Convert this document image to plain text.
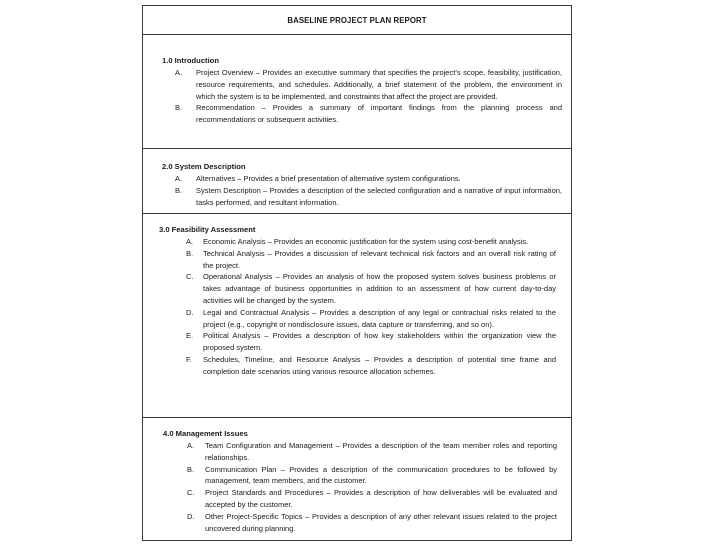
BASELINE PROJECT PLAN REPORT
1.0 Introduction
A. Project Overview – Provides an executive summary that specifies the project’s scope, feasibility, justification, resource requirements, and schedules. Additionally, a brief statement of the problem, the environment in which the system is to be implemented, and constraints that affect the project are provided.
B. Recommendation – Provides a summary of important findings from the planning process and recommendations or subsequent activities.
2.0 System Description
A. Alternatives – Provides a brief presentation of alternative system configurations.
B. System Description – Provides a description of the selected configuration and a narrative of input information, tasks performed, and resultant information.
3.0 Feasibility Assessment
A. Economic Analysis – Provides an economic justification for the system using cost-benefit analysis.
B. Technical Analysis – Provides a discussion of relevant technical risk factors and an overall risk rating of the project.
C. Operational Analysis – Provides an analysis of how the proposed system solves business problems or takes advantage of business opportunities in addition to an assessment of how current day-to-day activities will be changed by the system.
D. Legal and Contractual Analysis – Provides a description of any legal or contractual risks related to the project (e.g., copyright or nondisclosure issues, data capture or transferring, and so on).
E. Political Analysis – Provides a description of how key stakeholders within the organization view the proposed system.
F. Schedules, Timeline, and Resource Analysis – Provides a description of potential time frame and completion date scenarios using various resource allocation schemes.
4.0 Management Issues
A. Team Configuration and Management – Provides a description of the team member roles and reporting relationships.
B. Communication Plan – Provides a description of the communication procedures to be followed by management, team members, and the customer.
C. Project Standards and Procedures – Provides a description of how deliverables will be evaluated and accepted by the customer.
D. Other Project-Specific Topics – Provides a description of any other relevant issues related to the project uncovered during planning.
